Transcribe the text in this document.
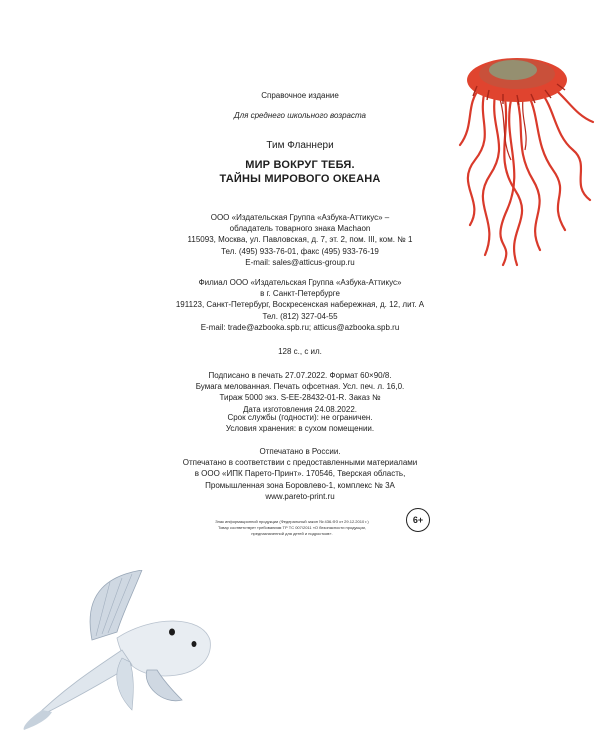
Справочное издание
Для среднего школьного возраста
Тим Фланнери
МИР ВОКРУГ ТЕБЯ.
ТАЙНЫ МИРОВОГО ОКЕАНА
ООО «Издательская Группа «Азбука-Аттикус» –
обладатель товарного знака Machaon
115093, Москва, ул. Павловская, д. 7, эт. 2, пом. III, ком. № 1
Тел. (495) 933-76-01, факс (495) 933-76-19
E-mail: sales@atticus-group.ru
Филиал ООО «Издательская Группа «Азбука-Аттикус»
в г. Санкт-Петербурге
191123, Санкт-Петербург, Воскресенская набережная, д. 12, лит. А
Тел. (812) 327-04-55
E-mail: trade@azbooka.spb.ru; atticus@azbooka.spb.ru
128 с., с ил.
Подписано в печать 27.07.2022. Формат 60×90/8.
Бумага мелованная. Печать офсетная. Усл. печ. л. 16,0.
Тираж 5000 экз. S-EE-28432-01-R. Заказ №
Дата изготовления 24.08.2022.
Срок службы (годности): не ограничен.
Условия хранения: в сухом помещении.
Отпечатано в России.
Отпечатано в соответствии с предоставленными материалами
в ООО «ИПК Парето-Принт». 170546, Тверская область,
Промышленная зона Боровлево-1, комплекс № 3А
www.pareto-print.ru
Знак информационной продукции (Федеральный закон № 436-ФЗ от 29.12.2010 г.)
Товар соответствует требованиям ТР ТС 007/2011 «О безопасности продукции,
предназначенной для детей и подростков».
6+
